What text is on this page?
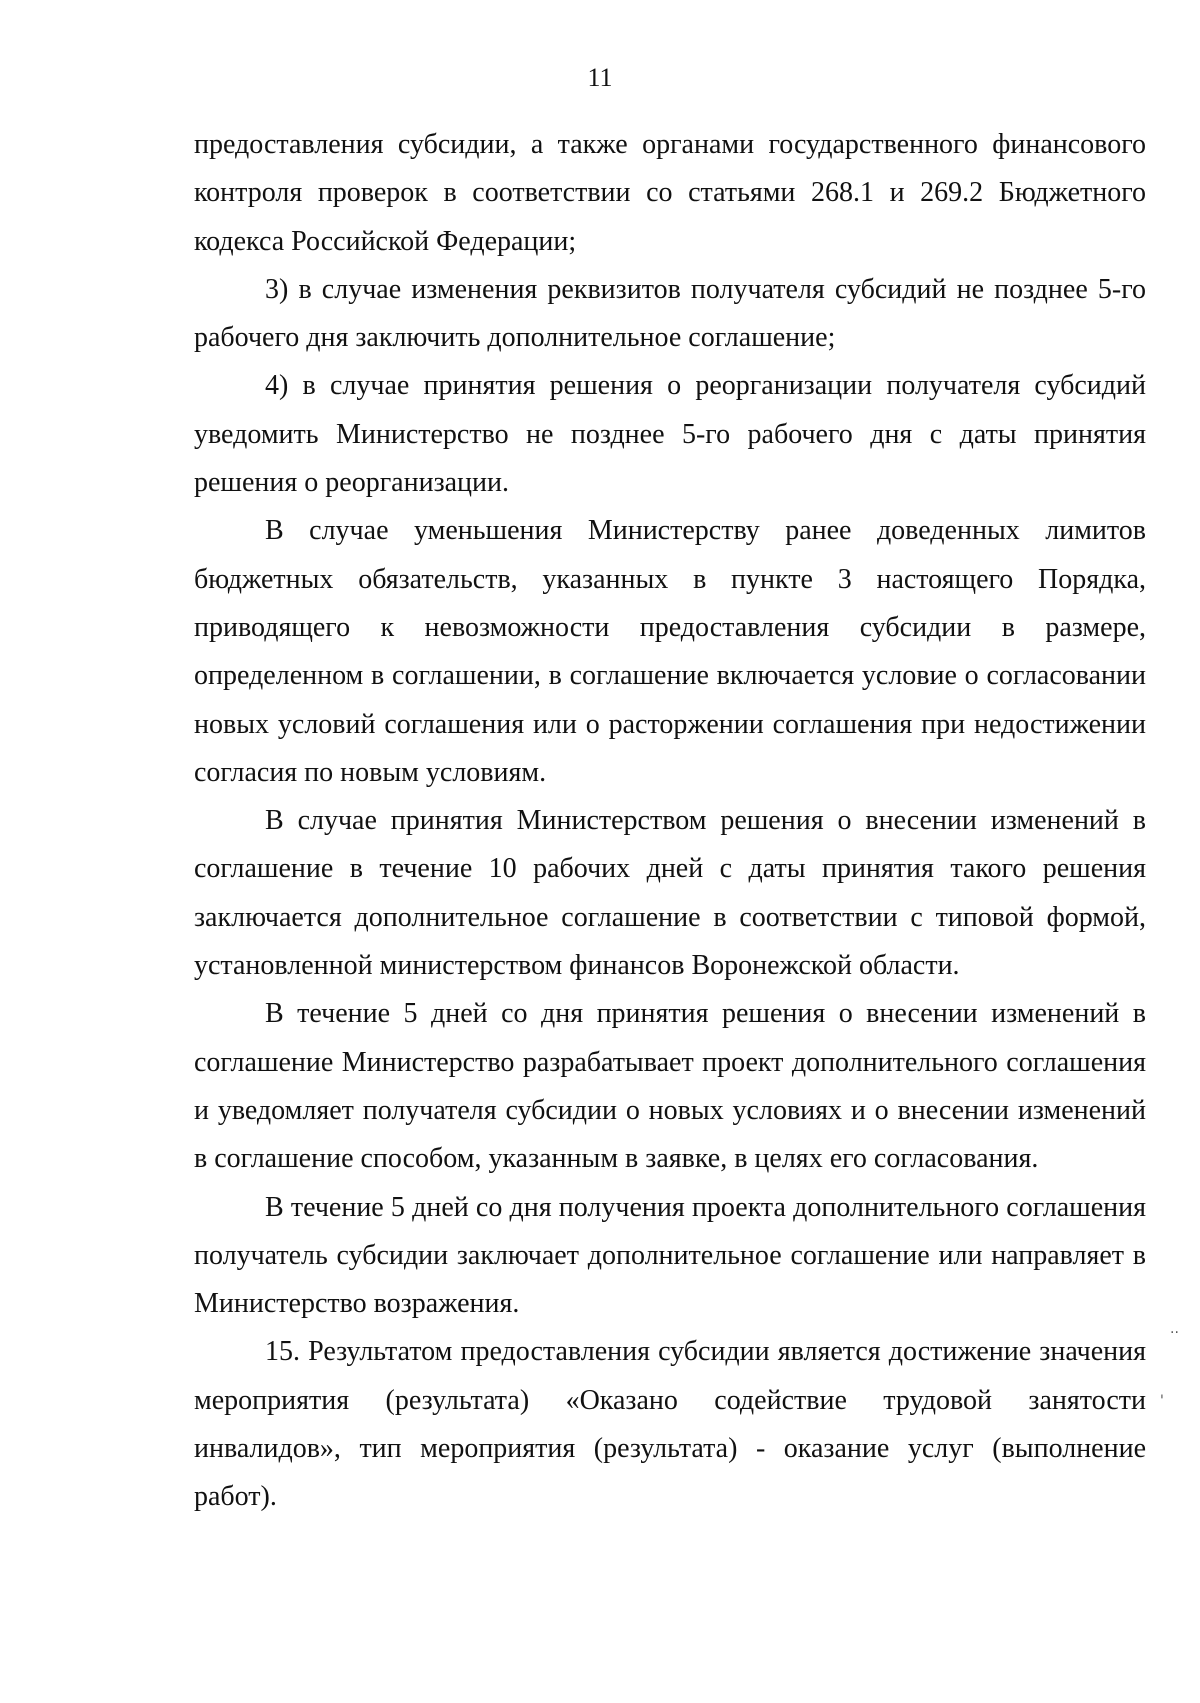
11

предоставления субсидии, а также органами государственного финансового контроля проверок в соответствии со статьями 268.1 и 269.2 Бюджетного кодекса Российской Федерации;

3) в случае изменения реквизитов получателя субсидий не позднее 5-го рабочего дня заключить дополнительное соглашение;

4) в случае принятия решения о реорганизации получателя субсидий уведомить Министерство не позднее 5-го рабочего дня с даты принятия решения о реорганизации.

В случае уменьшения Министерству ранее доведенных лимитов бюджетных обязательств, указанных в пункте 3 настоящего Порядка, приводящего к невозможности предоставления субсидии в размере, определенном в соглашении, в соглашение включается условие о согласовании новых условий соглашения или о расторжении соглашения при недостижении согласия по новым условиям.

В случае принятия Министерством решения о внесении изменений в соглашение в течение 10 рабочих дней с даты принятия такого решения заключается дополнительное соглашение в соответствии с типовой формой, установленной министерством финансов Воронежской области.

В течение 5 дней со дня принятия решения о внесении изменений в соглашение Министерство разрабатывает проект дополнительного соглашения и уведомляет получателя субсидии о новых условиях и о внесении изменений в соглашение способом, указанным в заявке, в целях его согласования.

В течение 5 дней со дня получения проекта дополнительного соглашения получатель субсидии заключает дополнительное соглашение или направляет в Министерство возражения.

15. Результатом предоставления субсидии является достижение значения мероприятия (результата) «Оказано содействие трудовой занятости инвалидов», тип мероприятия (результата) - оказание услуг (выполнение работ).

··
'
